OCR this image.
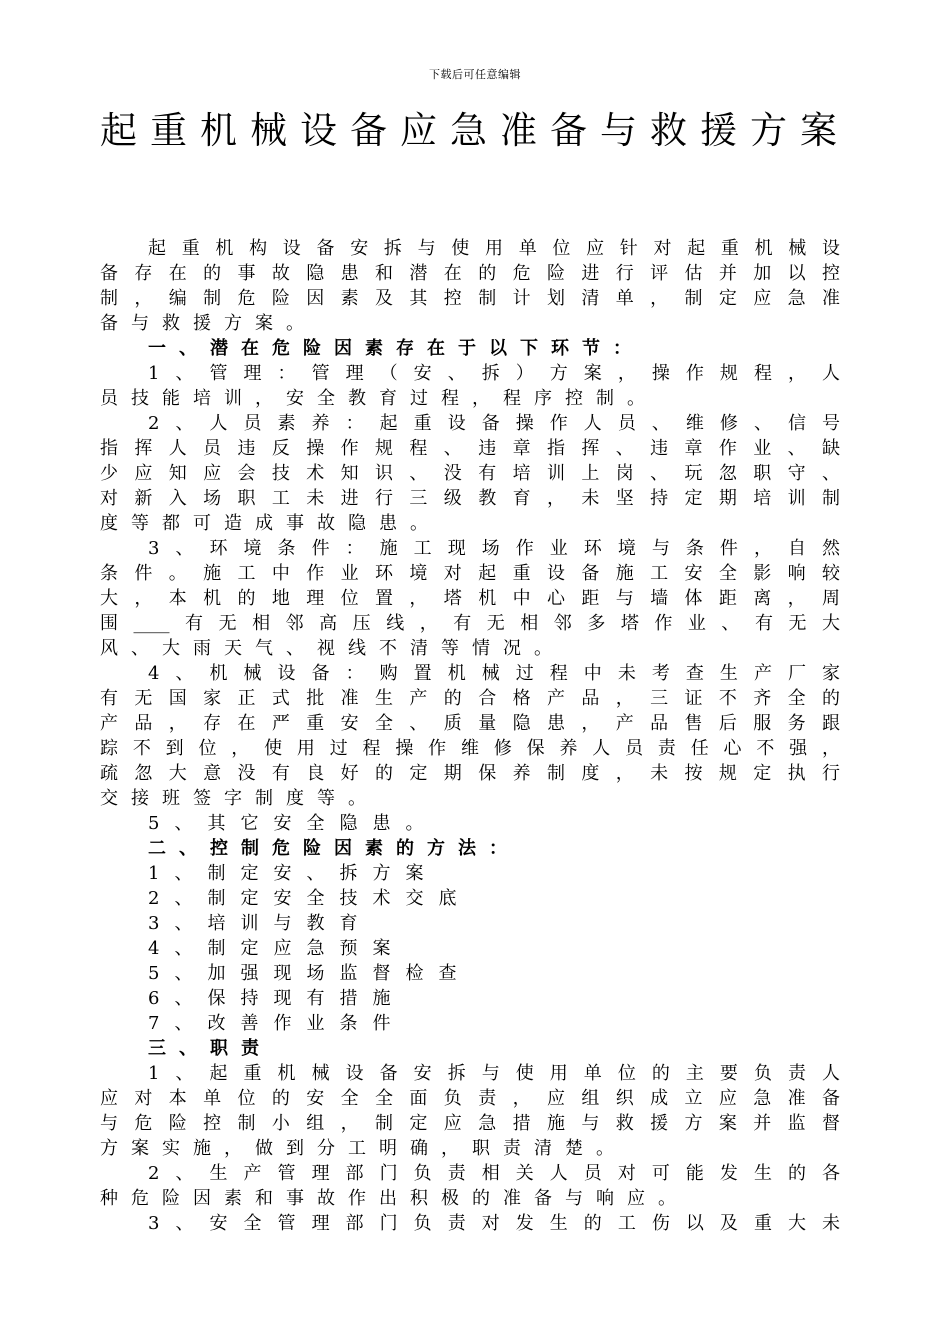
下载后可任意编辑
起重机械设备应急准备与救援方案
起重机构设备安拆与使用单位应针对起重机械设
备存在的事故隐患和潜在的危险进行评估并加以控
制，编制危险因素及其控制计划清单，制定应急准
备与救援方案。
一、潜在危险因素存在于以下环节：
1、管理：管理（安、拆）方案，操作规程，人
员技能培训，安全教育过程，程序控制。
2、人员素养：起重设备操作人员、维修、信号
指挥人员违反操作规程、违章指挥、违章作业、缺
少应知应会技术知识、没有培训上岗、玩忽职守、
对新入场职工未进行三级教育，未坚持定期培训制
度等都可造成事故隐患。
3、环境条件：施工现场作业环境与条件，自然
条件。施工中作业环境对起重设备施工安全影响较
大，本机的地理位置，塔机中心距与墙体距离，周
围____有无相邻高压线，有无相邻多塔作业、有无大
风、大雨天气、视线不清等情况。
4、机械设备：购置机械过程中未考查生产厂家
有无国家正式批准生产的合格产品，三证不齐全的
产品，存在严重安全、质量隐患，产品售后服务跟
踪不到位，使用过程操作维修保养人员责任心不强，
疏忽大意没有良好的定期保养制度，未按规定执行
交接班签字制度等。
5、其它安全隐患。
二、控制危险因素的方法：
1、制定安、拆方案
2、制定安全技术交底
3、培训与教育
4、制定应急预案
5、加强现场监督检查
6、保持现有措施
7、改善作业条件
三、职责
1、起重机械设备安拆与使用单位的主要负责人
应对本单位的安全全面负责，应组织成立应急准备
与危险控制小组，制定应急措施与救援方案并监督
方案实施，做到分工明确，职责清楚。
2、生产管理部门负责相关人员对可能发生的各
种危险因素和事故作出积极的准备与响应。
3、安全管理部门负责对发生的工伤以及重大未
